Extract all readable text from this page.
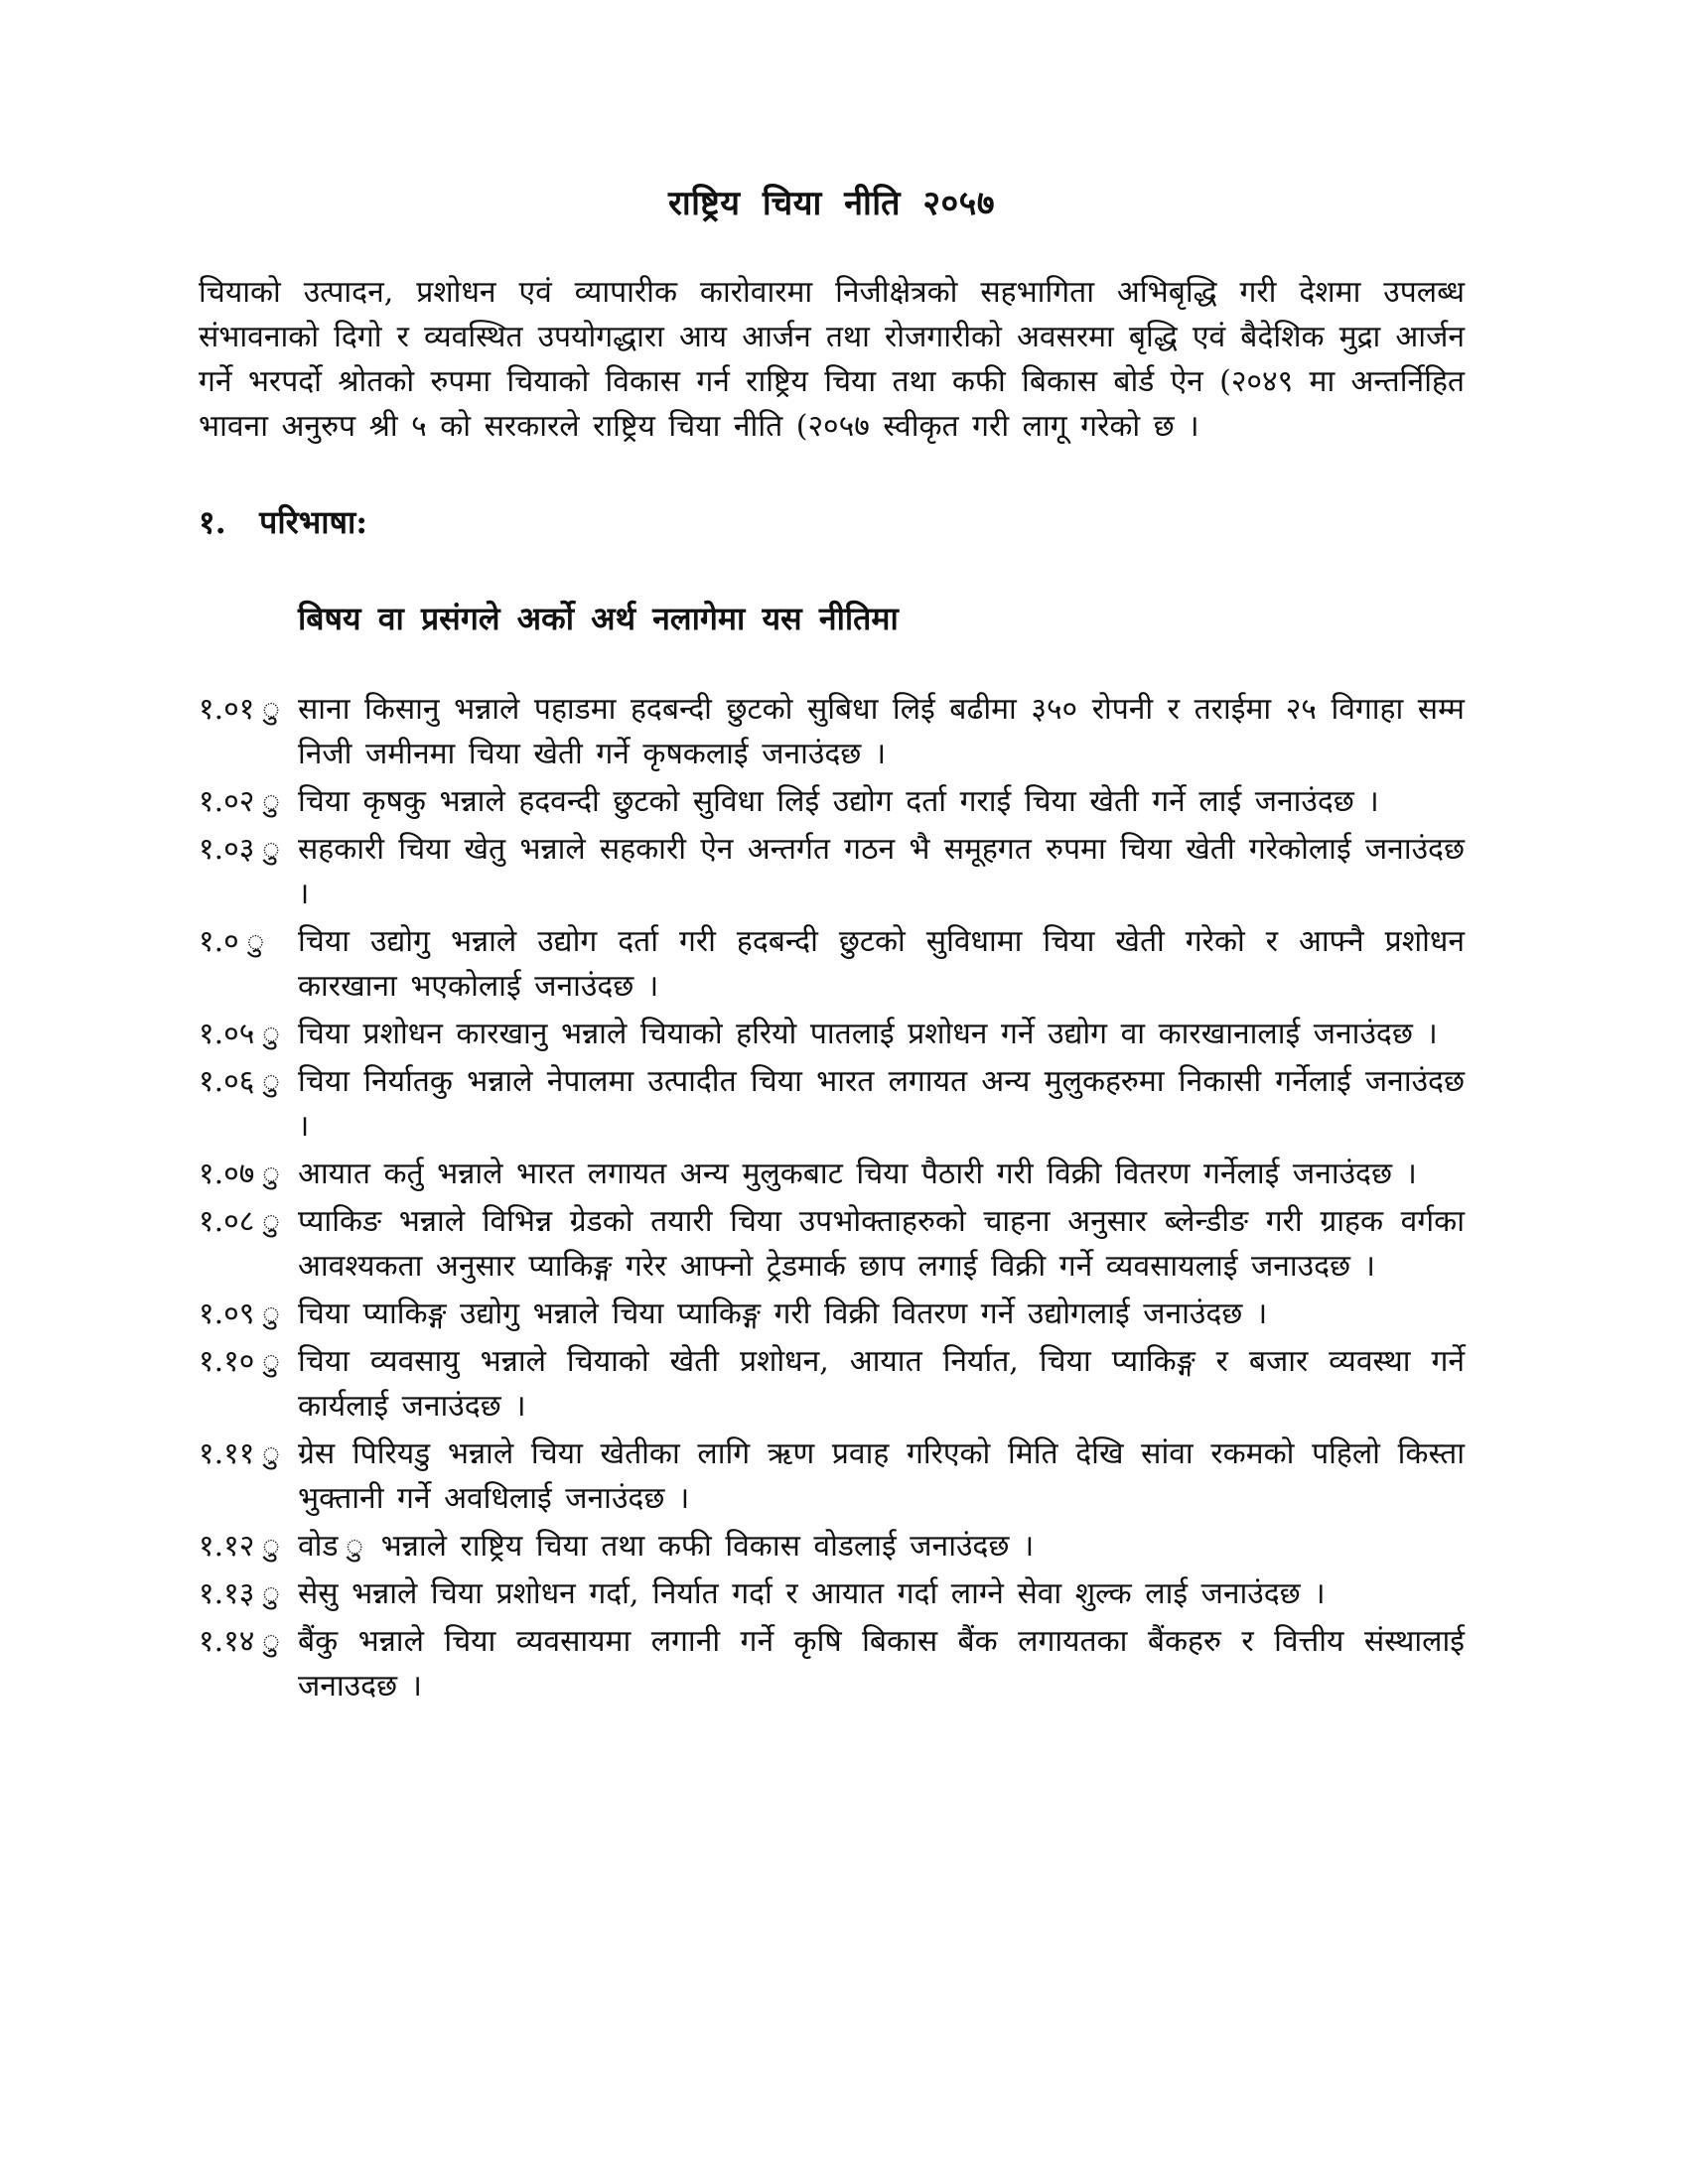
राष्ट्रिय चिया नीति २०५७

चियाको उत्पादन, प्रशोधन एवं व्यापारीक कारोवारमा निजीक्षेत्रको सहभागिता अभिबृद्धि गरी देशमा उपलब्ध संभावनाको दिगो र व्यवस्थित उपयोगद्धारा आय आर्जन तथा रोजगारीको अवसरमा बृद्धि एवं बैदेशिक मुद्रा आर्जन गर्ने भरपर्दो श्रोतको रुपमा चियाको विकास गर्न राष्ट्रिय चिया तथा कफी बिकास बोर्ड ऐन (२०४९ मा अन्तर्निहित भावना अनुरुप श्री ५ को सरकारले राष्ट्रिय चिया नीति (२०५७ स्वीकृत गरी लागू गरेको छ ।

१. परिभाषा:
बिषय वा प्रसंगले अर्को अर्थ नलागेमा यस नीतिमा
१.०१ ु साना किसानु भन्नाले पहाडमा हदबन्दी छुटको सुबिधा लिई बढीमा ३५० रोपनी र तराईमा २५ विगाहा सम्म निजी जमीनमा चिया खेती गर्ने कृषकलाई जनाउंदछ ।
१.०२ ु चिया कृषकु भन्नाले हदवन्दी छुटको सुविधा लिई उद्योग दर्ता गराई चिया खेती गर्ने लाई जनाउंदछ ।
१.०३ ु सहकारी चिया खेतु भन्नाले सहकारी ऐन अन्तर्गत गठन भै समूहगत रुपमा चिया खेती गरेकोलाई जनाउंदछ ।
१.० ु चिया उद्योगु भन्नाले उद्योग दर्ता गरी हदबन्दी छुटको सुविधामा चिया खेती गरेको र आफ्नै प्रशोधन कारखाना भएकोलाई जनाउंदछ ।
१.०५ ु चिया प्रशोधन कारखानु भन्नाले चियाको हरियो पातलाई प्रशोधन गर्ने उद्योग वा कारखानालाई जनाउंदछ ।
१.०६ ु चिया निर्यातकु भन्नाले नेपालमा उत्पादीत चिया भारत लगायत अन्य मुलुकहरुमा निकासी गर्नेलाई जनाउंदछ ।
१.०७ ु आयात कर्तु भन्नाले भारत लगायत अन्य मुलुकबाट चिया पैठारी गरी विक्री वितरण गर्नेलाई जनाउंदछ ।
१.०८ ु प्याकिङ भन्नाले विभिन्न ग्रेडको तयारी चिया उपभोक्ताहरुको चाहना अनुसार ब्लेन्डीङ गरी ग्राहक वर्गका आवश्यकता अनुसार प्याकिङ्ग गरेर आफ्नो ट्रेडमार्क छाप लगाई विक्री गर्ने व्यवसायलाई जनाउदछ ।
१.०९ ु चिया प्याकिङ्ग उद्योगु भन्नाले चिया प्याकिङ्ग गरी विक्री वितरण गर्ने उद्योगलाई जनाउंदछ ।
१.१० ु चिया व्यवसायु भन्नाले चियाको खेती प्रशोधन, आयात निर्यात, चिया प्याकिङ्ग र बजार व्यवस्था गर्ने कार्यलाई जनाउंदछ ।
१.११ ु ग्रेस पिरियडु भन्नाले चिया खेतीका लागि ऋण प्रवाह गरिएको मिति देखि सांवा रकमको पहिलो किस्ता भुक्तानी गर्ने अवधिलाई जनाउंदछ ।
१.१२ ु वोड ु भन्नाले राष्ट्रिय चिया तथा कफी विकास वोडलाई जनाउंदछ ।
१.१३ ु सेसु भन्नाले चिया प्रशोधन गर्दा, निर्यात गर्दा र आयात गर्दा लाग्ने सेवा शुल्क लाई जनाउंदछ ।
१.१४ ु बैंकु भन्नाले चिया व्यवसायमा लगानी गर्ने कृषि बिकास बैंक लगायतका बैंकहरु र वित्तीय संस्थालाई जनाउदछ ।
